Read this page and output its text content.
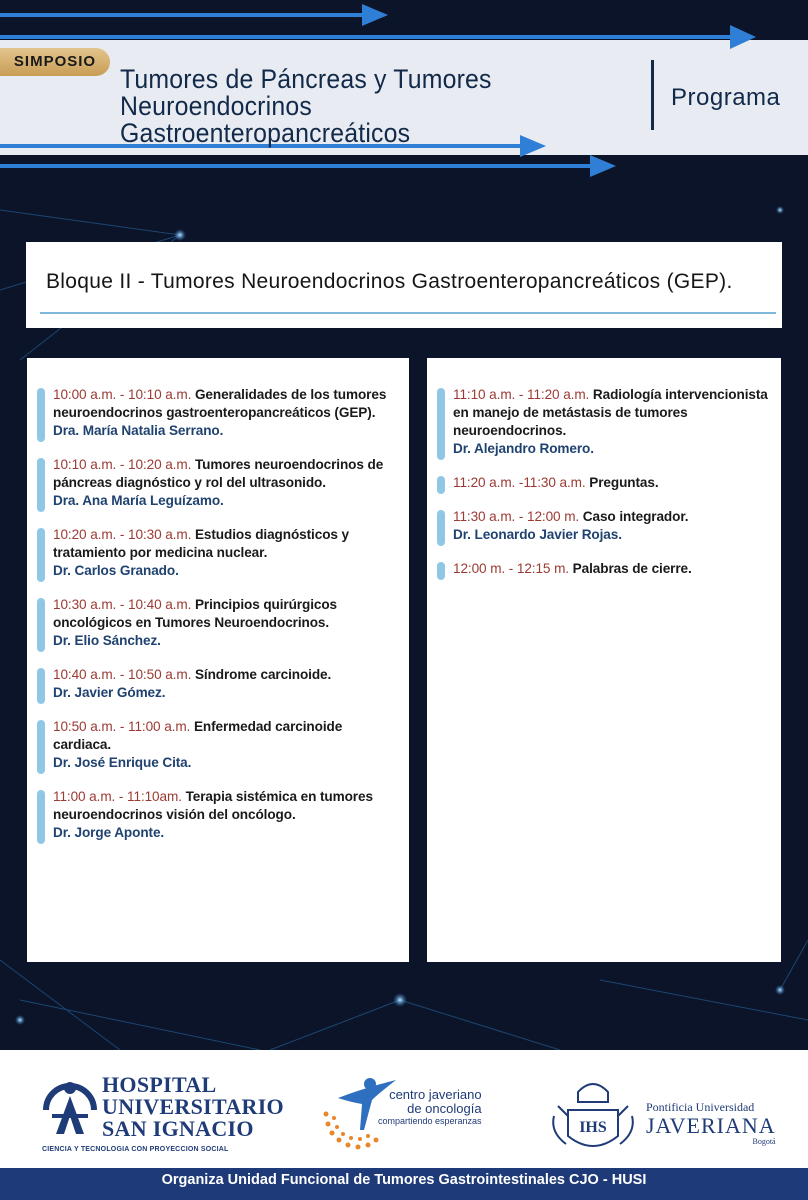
SIMPOSIO
Tumores de Páncreas y Tumores
Neuroendocrinos Gastroenteropancreáticos
Programa
Bloque II - Tumores Neuroendocrinos Gastroenteropancreáticos (GEP).
10:00 a.m. - 10:10 a.m. Generalidades de los tumores neuroendocrinos gastroenteropancreáticos (GEP).
Dra. María Natalia Serrano.
10:10 a.m. - 10:20 a.m. Tumores neuroendocrinos de páncreas diagnóstico y rol del ultrasonido.
Dra. Ana María Leguízamo.
10:20 a.m. - 10:30 a.m. Estudios diagnósticos y tratamiento por medicina nuclear.
Dr. Carlos Granado.
10:30 a.m. - 10:40 a.m. Principios quirúrgicos oncológicos en Tumores Neuroendocrinos.
Dr. Elio Sánchez.
10:40 a.m. - 10:50 a.m. Síndrome carcinoide.
Dr. Javier Gómez.
10:50 a.m. - 11:00 a.m. Enfermedad carcinoide cardiaca.
Dr. José Enrique Cita.
11:00 a.m. - 11:10am. Terapia sistémica en tumores neuroendocrinos visión del oncólogo.
Dr. Jorge Aponte.
11:10 a.m. - 11:20 a.m. Radiología intervencionista en manejo de metástasis de tumores neuroendocrinos.
Dr. Alejandro Romero.
11:20 a.m. -11:30 a.m. Preguntas.
11:30 a.m. - 12:00 m. Caso integrador.
Dr. Leonardo Javier Rojas.
12:00 m. - 12:15 m. Palabras de cierre.
HOSPITAL
UNIVERSITARIO
SAN IGNACIO
CIENCIA Y TECNOLOGIA CON PROYECCION SOCIAL
centro javeriano
de oncología
compartiendo esperanzas	IHS
Pontificia Universidad
JAVERIANA
Bogotá
Organiza Unidad Funcional de Tumores Gastrointestinales CJO - HUSI
